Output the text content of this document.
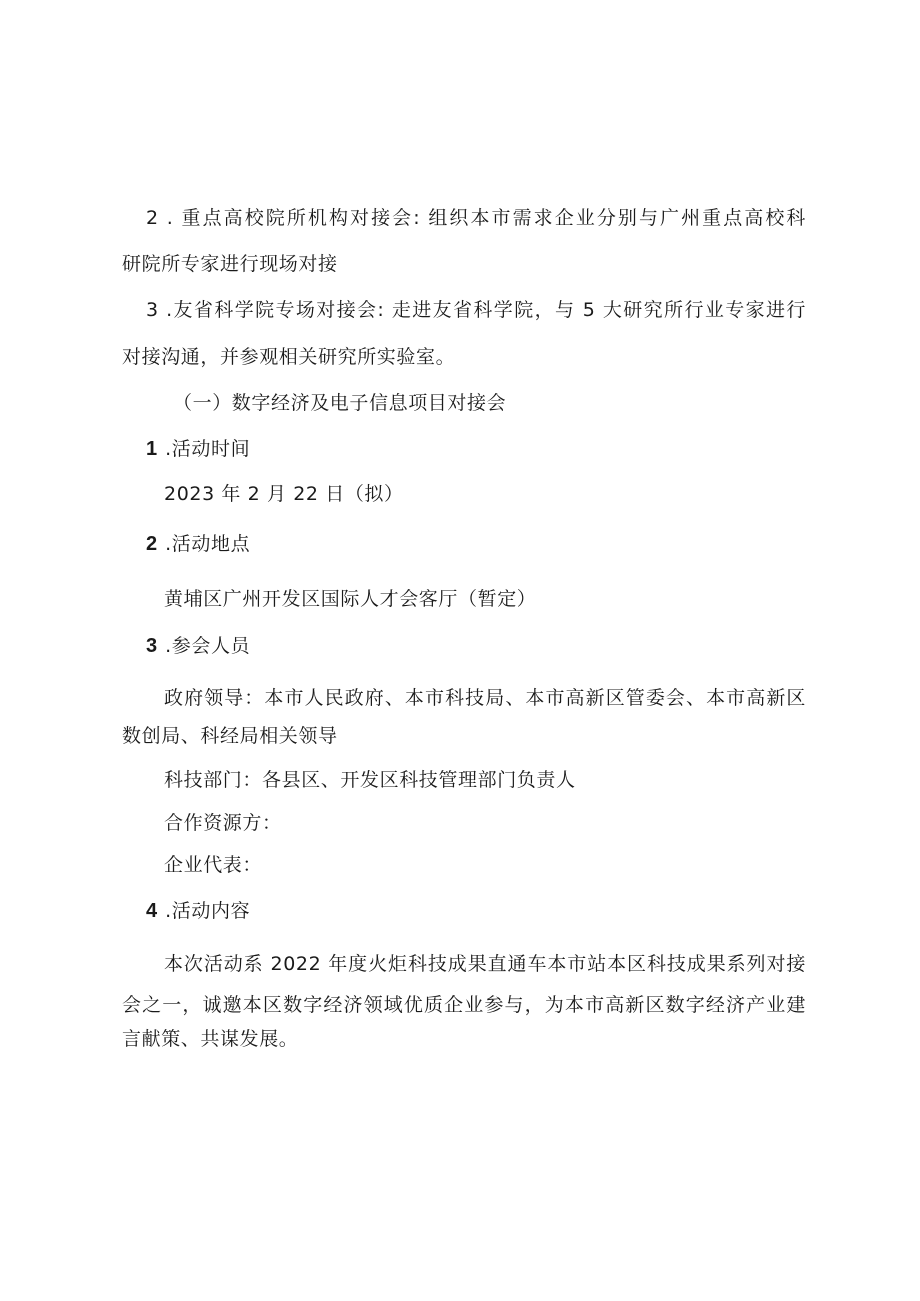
2 . 重点高校院所机构对接会: 组织本市需求企业分别与广州重点高校科
研院所专家进行现场对接
3 .友省科学院专场对接会: 走进友省科学院，与 5 大研究所行业专家进行
对接沟通，并参观相关研究所实验室。
（一）数字经济及电子信息项目对接会
1 .活动时间
2023 年 2 月 22 日（拟）
2 .活动地点
黄埔区广州开发区国际人才会客厅（暂定）
3 .参会人员
政府领导：本市人民政府、本市科技局、本市高新区管委会、本市高新区
数创局、科经局相关领导
科技部门：各县区、开发区科技管理部门负责人
合作资源方：
企业代表：
4 .活动内容
本次活动系 2022 年度火炬科技成果直通车本市站本区科技成果系列对接
会之一，诚邀本区数字经济领域优质企业参与，为本市高新区数字经济产业建
言献策、共谋发展。
